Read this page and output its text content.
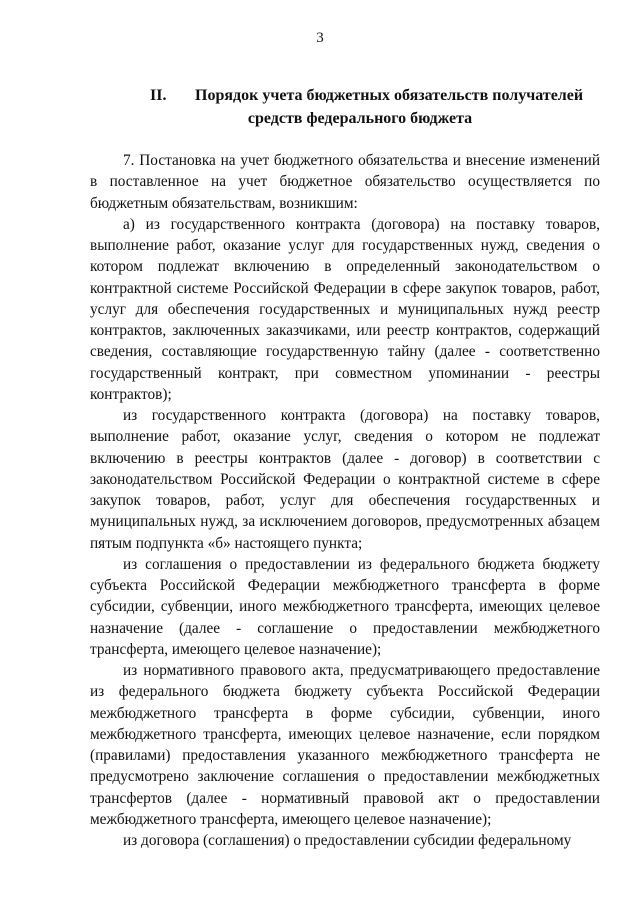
3
II.	Порядок учета бюджетных обязательств получателей
средств федерального бюджета

7. Постановка на учет бюджетного обязательства и внесение изменений в поставленное на учет бюджетное обязательство осуществляется по бюджетным обязательствам, возникшим:

а) из государственного контракта (договора) на поставку товаров, выполнение работ, оказание услуг для государственных нужд, сведения о котором подлежат включению в определенный законодательством о контрактной системе Российской Федерации в сфере закупок товаров, работ, услуг для обеспечения государственных и муниципальных нужд реестр контрактов, заключенных заказчиками, или реестр контрактов, содержащий сведения, составляющие государственную тайну (далее - соответственно государственный контракт, при совместном упоминании - реестры контрактов);

из государственного контракта (договора) на поставку товаров, выполнение работ, оказание услуг, сведения о котором не подлежат включению в реестры контрактов (далее - договор) в соответствии с законодательством Российской Федерации о контрактной системе в сфере закупок товаров, работ, услуг для обеспечения государственных и муниципальных нужд, за исключением договоров, предусмотренных абзацем пятым подпункта «б» настоящего пункта;

из соглашения о предоставлении из федерального бюджета бюджету субъекта Российской Федерации межбюджетного трансферта в форме субсидии, субвенции, иного межбюджетного трансферта, имеющих целевое назначение (далее - соглашение о предоставлении межбюджетного трансферта, имеющего целевое назначение);

из нормативного правового акта, предусматривающего предоставление из федерального бюджета бюджету субъекта Российской Федерации межбюджетного трансферта в форме субсидии, субвенции, иного межбюджетного трансферта, имеющих целевое назначение, если порядком (правилами) предоставления указанного межбюджетного трансферта не предусмотрено заключение соглашения о предоставлении межбюджетных трансфертов (далее - нормативный правовой акт о предоставлении межбюджетного трансферта, имеющего целевое назначение);

из договора (соглашения) о предоставлении субсидии федеральному
